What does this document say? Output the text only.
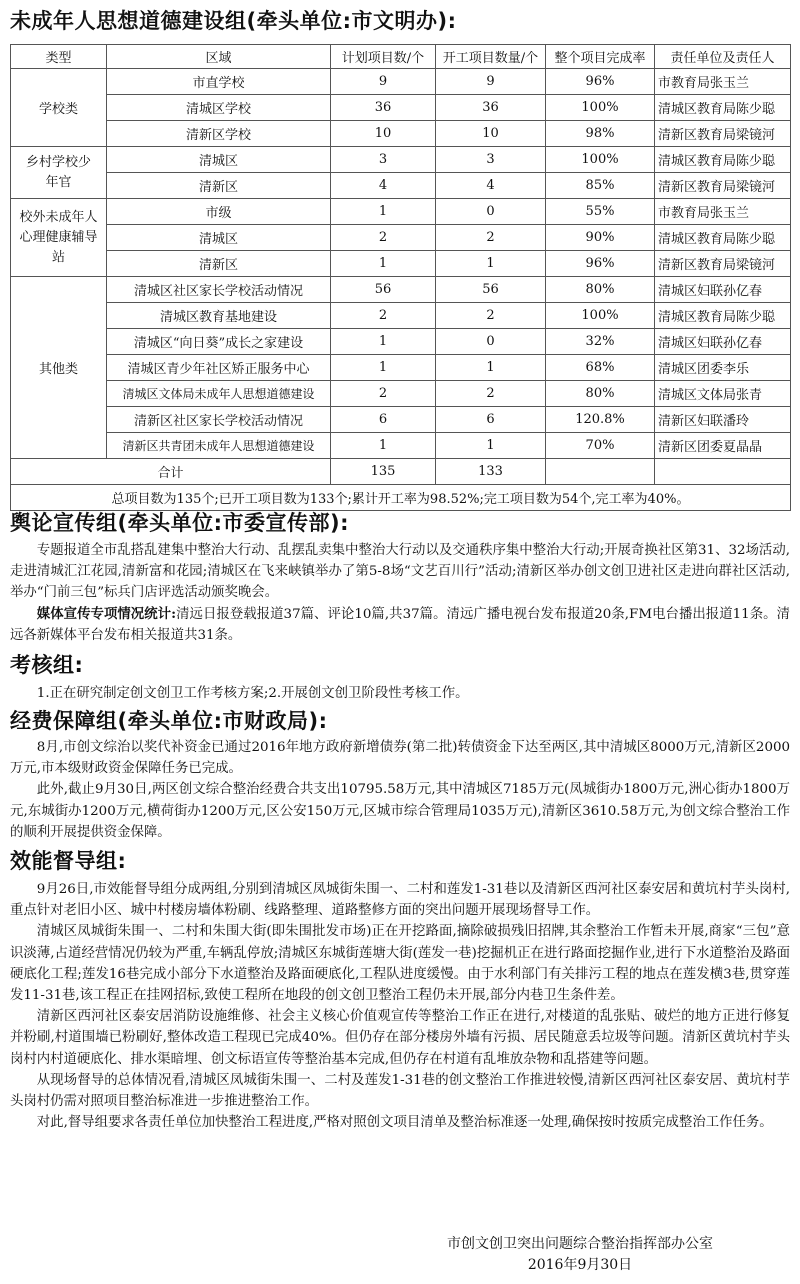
未成年人思想道德建设组(牵头单位:市文明办):
类型	区域	计划项目数/个	开工项目数量/个	整个项目完成率	责任单位及责任人
学校类	市直学校	9	9	96%	市教育局张玉兰
	清城区学校	36	36	100%	清城区教育局陈少聪
	清新区学校	10	10	98%	清新区教育局梁镜河
乡村学校少年官	清城区	3	3	100%	清城区教育局陈少聪
	清新区	4	4	85%	清新区教育局梁镜河
校外未成年人心理健康辅导站	市级	1	0	55%	市教育局张玉兰
	清城区	2	2	90%	清城区教育局陈少聪
	清新区	1	1	96%	清新区教育局梁镜河
其他类	清城区社区家长学校活动情况	56	56	80%	清城区妇联孙亿春
	清城区教育基地建设	2	2	100%	清城区教育局陈少聪
	清城区“向日葵”成长之家建设	1	0	32%	清城区妇联孙亿春
	清城区青少年社区矫正服务中心	1	1	68%	清城区团委李乐
	清城区文体局未成年人思想道德建设	2	2	80%	清城区文体局张青
	清新区社区家长学校活动情况	6	6	120.8%	清新区妇联潘玲
	清新区共青团未成年人思想道德建设	1	1	70%	清新区团委夏晶晶
合计		135	133		
总项目数为135个;已开工项目数为133个;累计开工率为98.52%;完工项目数为54个,完工率为40%。					
舆论宣传组(牵头单位:市委宣传部):

专题报道全市乱搭乱建集中整治大行动、乱摆乱卖集中整治大行动以及交通秩序集中整治大行动;开展奇换社区第31、32场活动,走进清城汇江花园,清新富和花园;清城区在飞来峡镇举办了第5-8场“文艺百川行”活动;清新区举办创文创卫进社区走进向群社区活动,举办“门前三包”标兵门店评选活动颁奖晚会。

媒体宣传专项情况统计:清远日报登载报道37篇、评论10篇,共37篇。清远广播电视台发布报道20条,FM电台播出报道11条。清远各新媒体平台发布相关报道共31条。

考核组:

1.正在研究制定创文创卫工作考核方案;2.开展创文创卫阶段性考核工作。

经费保障组(牵头单位:市财政局):

8月,市创文综治以奖代补资金已通过2016年地方政府新增债券(第二批)转债资金下达至两区,其中清城区8000万元,清新区2000万元,市本级财政资金保障任务已完成。

此外,截止9月30日,两区创文综合整治经费合共支出10795.58万元,其中清城区7185万元(凤城街办1800万元,洲心街办1800万元,东城街办1200万元,横荷街办1200万元,区公安150万元,区城市综合管理局1035万元),清新区3610.58万元,为创文综合整治工作的顺利开展提供资金保障。

效能督导组:

9月26日,市效能督导组分成两组,分别到清城区凤城街朱围一、二村和莲发1-31巷以及清新区西河社区泰安居和黄坑村芋头岗村,重点针对老旧小区、城中村楼房墙体粉刷、线路整理、道路整修方面的突出问题开展现场督导工作。

清城区凤城街朱围一、二村和朱围大街(即朱围批发市场)正在开挖路面,摘除破损残旧招牌,其余整治工作暂未开展,商家“三包”意识淡薄,占道经营情况仍较为严重,车辆乱停放;清城区东城街莲塘大街(莲发一巷)挖掘机正在进行路面挖掘作业,进行下水道整治及路面硬底化工程;莲发16巷完成小部分下水道整治及路面硬底化,工程队进度缓慢。由于水利部门有关排污工程的地点在莲发横3巷,贯穿莲发11-31巷,该工程正在挂网招标,致使工程所在地段的创文创卫整治工程仍未开展,部分内巷卫生条件差。

清新区西河社区泰安居消防设施维修、社会主义核心价值观宣传等整治工作正在进行,对楼道的乱张贴、破烂的地方正进行修复并粉刷,村道围墙已粉刷好,整体改造工程现已完成40%。但仍存在部分楼房外墙有污损、居民随意丢垃圾等问题。清新区黄坑村芋头岗村内村道硬底化、排水渠暗埋、创文标语宣传等整治基本完成,但仍存在村道有乱堆放杂物和乱搭建等问题。

从现场督导的总体情况看,清城区凤城街朱围一、二村及莲发1-31巷的创文整治工作推进较慢,清新区西河社区泰安居、黄坑村芋头岗村仍需对照项目整治标准进一步推进整治工作。

对此,督导组要求各责任单位加快整治工程进度,严格对照创文项目清单及整治标准逐一处理,确保按时按质完成整治工作任务。

市创文创卫突出问题综合整治指挥部办公室
2016年9月30日
